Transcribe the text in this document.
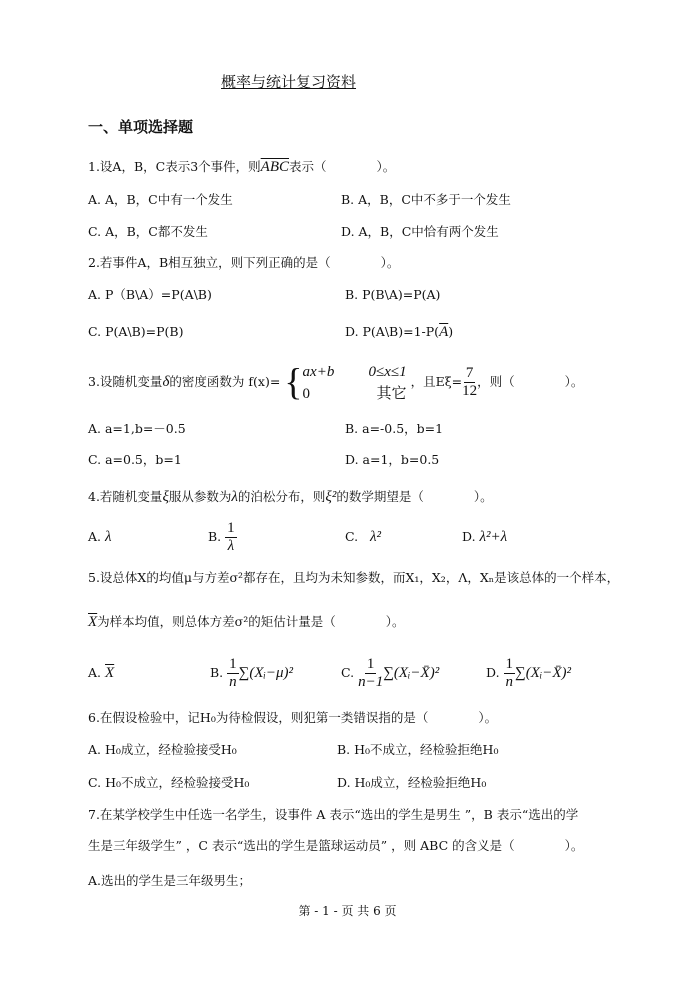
概率与统计复习资料
一、单项选择题
1.设A，B，C表示3个事件，则$\overline{ABC}$表示（　　　　）。
A. A，B，C中有一个发生	B. A，B，C中不多于一个发生
C. A，B，C都不发生	D. A，B，C中恰有两个发生
2.若事件A，B相互独立，则下列正确的是（　　　　）。
A. P（B\A）=P(A\B)	B. P(B\A)=P(A)
C. P(A\B)=P(B)	D. $P(A\backslash B)=1-P(\overline{A})$
3.设随机变量δ的密度函数为 f(x)= { ax+b	0≤x≤1
0	其它
，且$E\xi= \frac{7}{12}$ ，则（　　　　）。
A. a=1,b=－0.5	B. a=-0.5，b=1
C. a=0.5，b=1	D. a=1，b=0.5
4.若随机变量ξ服从参数为λ的泊松分布，则ξ²的数学期望是（　　　　）。
A. λ	B. $\frac{1}{\lambda}$	C. λ²	D. λ²+λ
5.设总体X的均值μ与方差σ²都存在，且均为未知参数，而X₁，X₂，Λ，Xₙ是该总体的一个样本，
$\overline{X}$为样本均值，则总体方差σ²的矩估计量是（　　　　）。
A. $\overline{X}$	B. $\frac{1}{n}$ ∑(Xᵢ−μ)²	C. $\frac{1}{n-1}$ ∑(Xᵢ−X̄)²	D. $\frac{1}{n}$ ∑(Xᵢ−X̄)²
6.在假设检验中，记H₀为待检假设，则犯第一类错误指的是（　　　　）。
A. H₀成立，经检验接受H₀	B. H₀不成立，经检验拒绝H₀
C. H₀不成立，经检验接受H₀	D. H₀成立，经检验拒绝H₀
7.在某学校学生中任选一名学生，设事件 A 表示“选出的学生是男生 ”，B 表示“选出的学
生是三年级学生” ，C 表示“选出的学生是篮球运动员” ，则 ABC 的含义是（　　　　）。
A.选出的学生是三年级男生；
第 - 1 - 页 共 6 页
